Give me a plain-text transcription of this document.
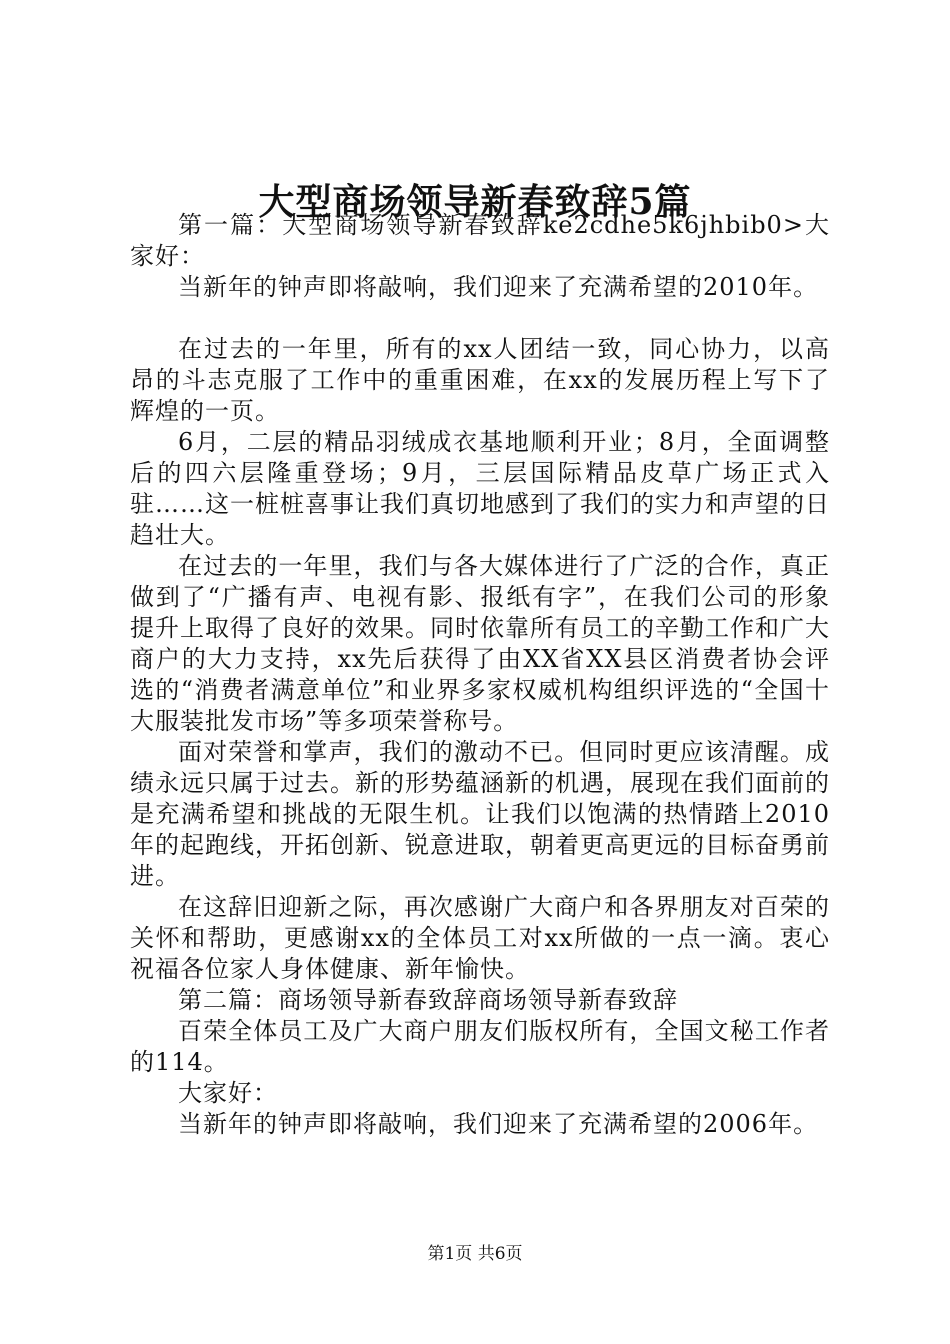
大型商场领导新春致辞5篇

第一篇：大型商场领导新春致辞ke2cdhe5k6jhbib0>大家好：

当新年的钟声即将敲响，我们迎来了充满希望的2010年。

在过去的一年里，所有的xx人团结一致，同心协力，以高昂的斗志克服了工作中的重重困难，在xx的发展历程上写下了辉煌的一页。

6月，二层的精品羽绒成衣基地顺利开业；8月，全面调整后的四六层隆重登场；9月，三层国际精品皮草广场正式入驻……这一桩桩喜事让我们真切地感到了我们的实力和声望的日趋壮大。

在过去的一年里，我们与各大媒体进行了广泛的合作，真正做到了“广播有声、电视有影、报纸有字”，在我们公司的形象提升上取得了良好的效果。同时依靠所有员工的辛勤工作和广大商户的大力支持，xx先后获得了由XX省XX县区消费者协会评选的“消费者满意单位”和业界多家权威机构组织评选的“全国十大服装批发市场”等多项荣誉称号。

面对荣誉和掌声，我们的激动不已。但同时更应该清醒。成绩永远只属于过去。新的形势蕴涵新的机遇，展现在我们面前的是充满希望和挑战的无限生机。让我们以饱满的热情踏上2010年的起跑线，开拓创新、锐意进取，朝着更高更远的目标奋勇前进。

在这辞旧迎新之际，再次感谢广大商户和各界朋友对百荣的关怀和帮助，更感谢xx的全体员工对xx所做的一点一滴。衷心祝福各位家人身体健康、新年愉快。

第二篇：商场领导新春致辞商场领导新春致辞

百荣全体员工及广大商户朋友们版权所有，全国文秘工作者的114。

大家好：

当新年的钟声即将敲响，我们迎来了充满希望的2006年。

第1页 共6页
